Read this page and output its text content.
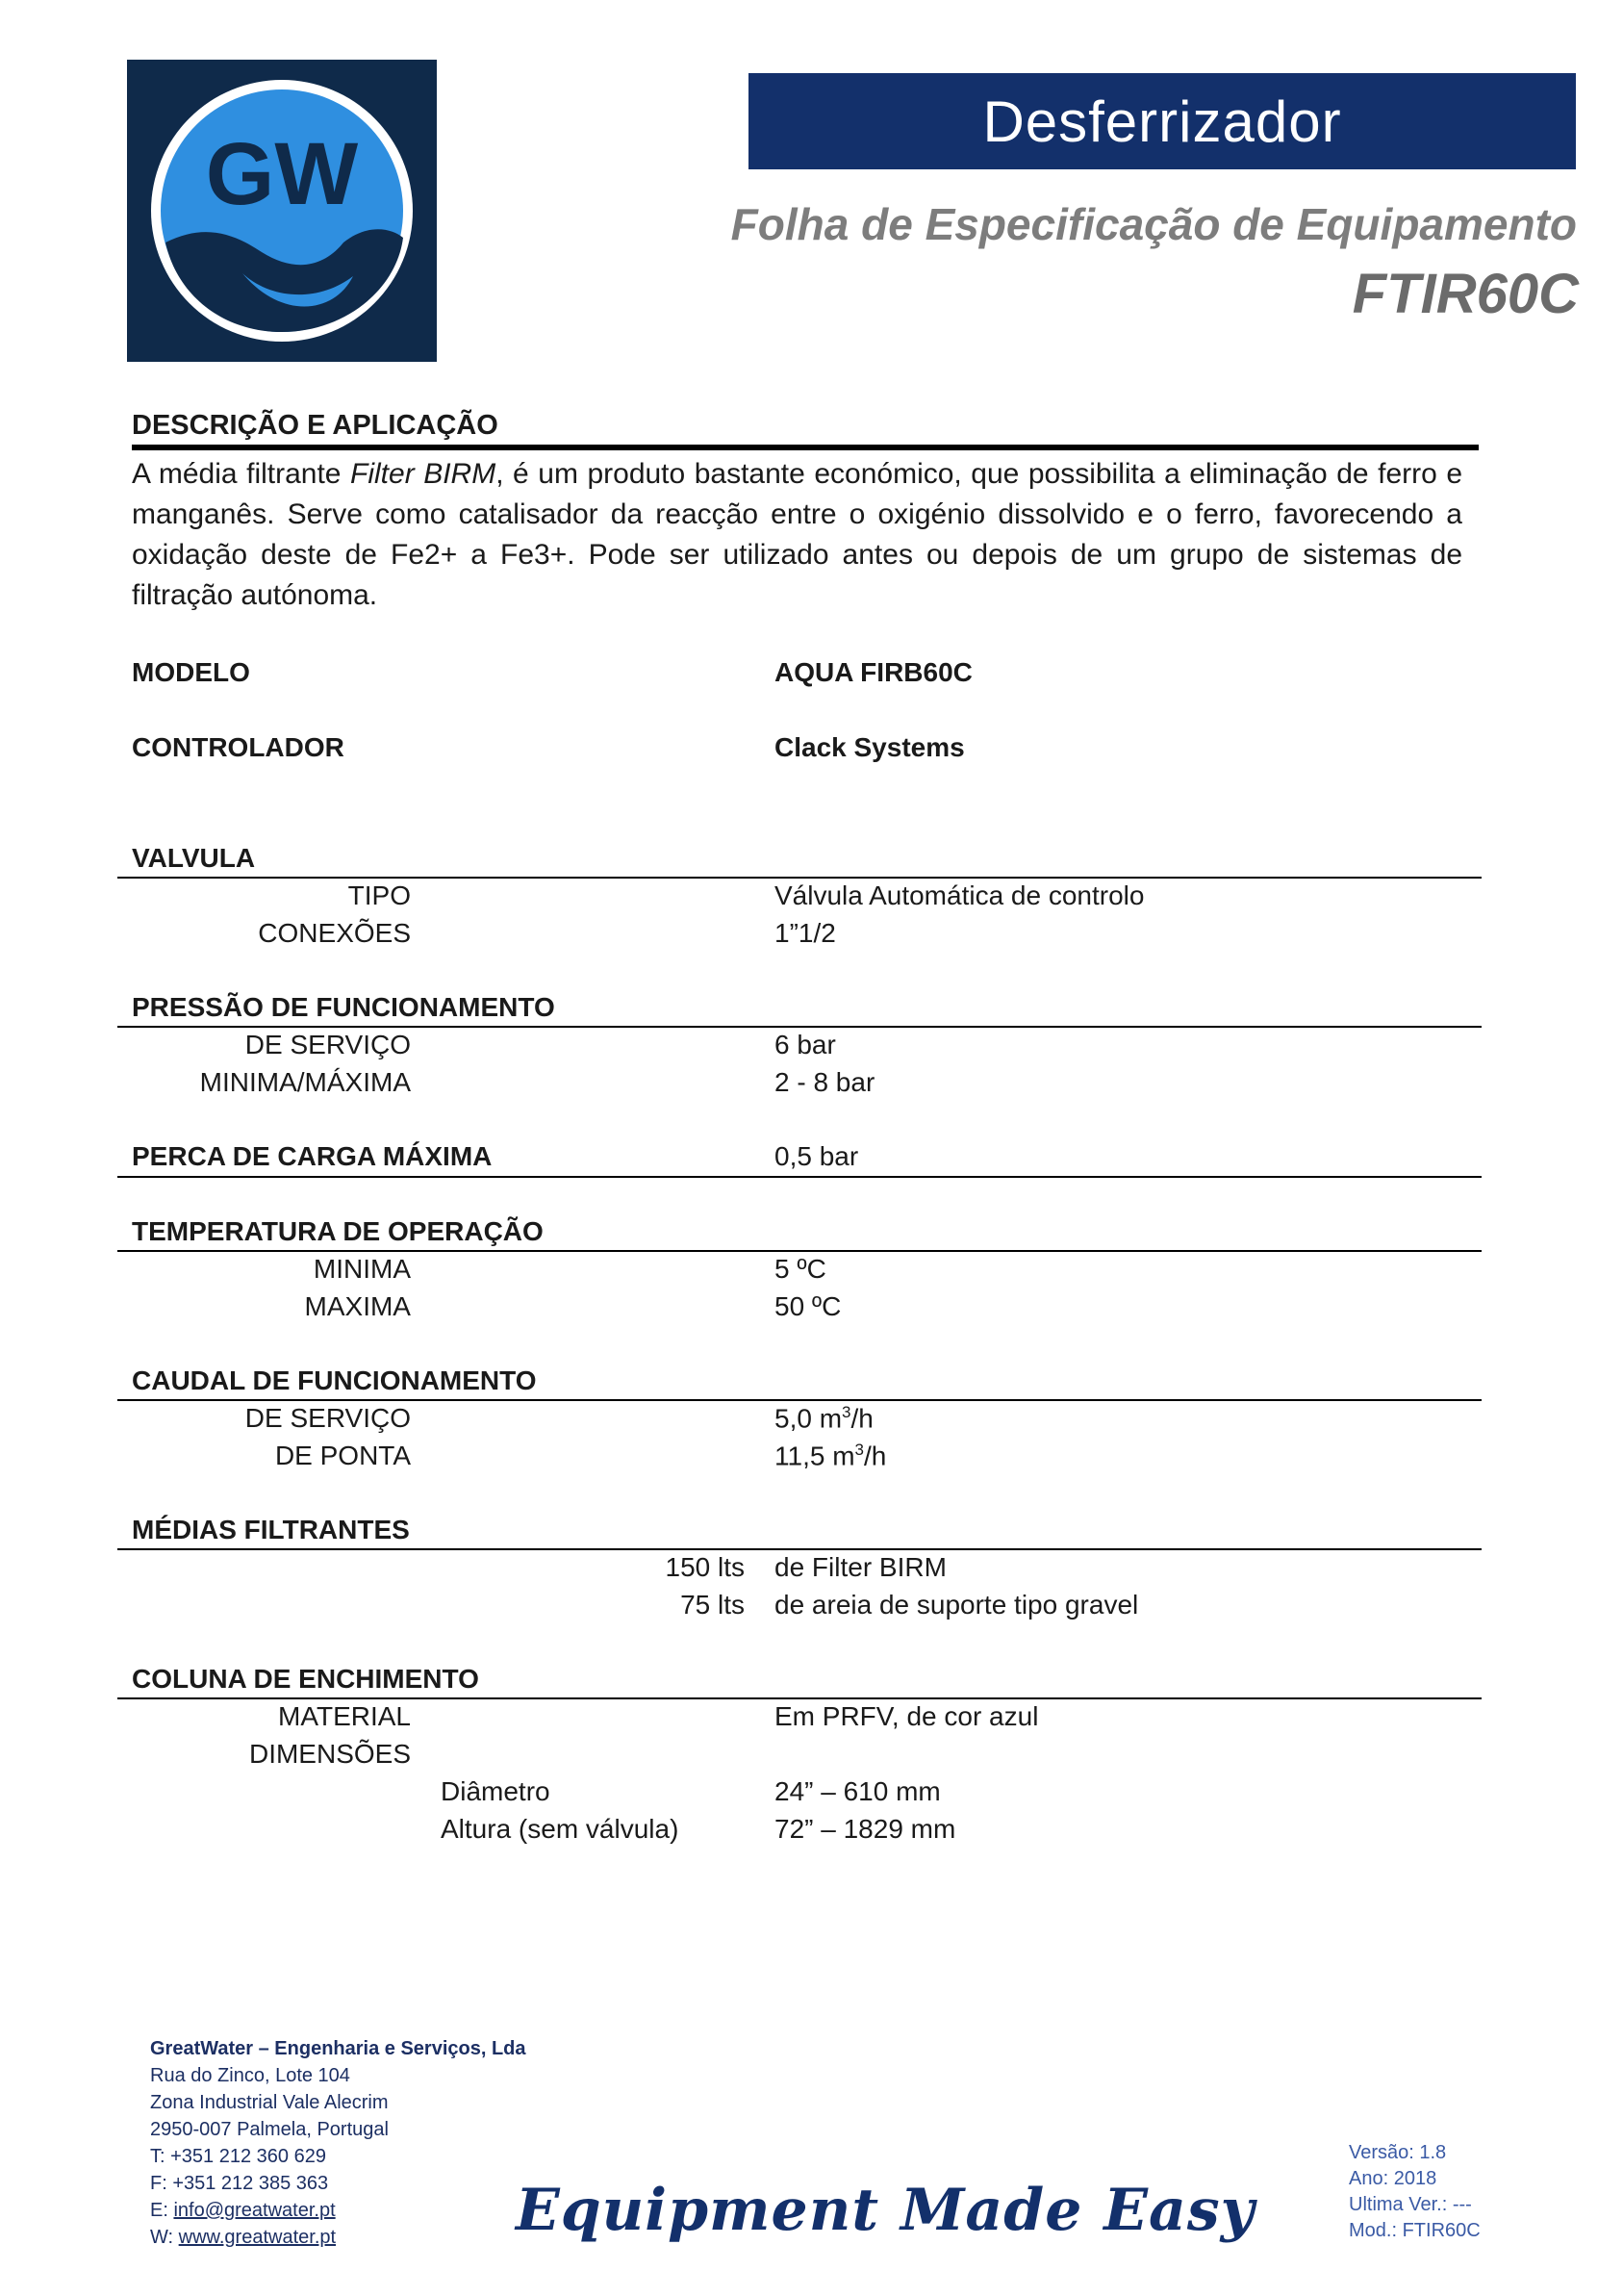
GW
Desferrizador
Folha de Especificação de Equipamento
FTIR60C
DESCRIÇÃO E APLICAÇÃO
A média filtrante Filter BIRM, é um produto bastante económico, que possibilita a eliminação de ferro e manganês. Serve como catalisador da reacção entre o oxigénio dissolvido e o ferro, favorecendo a oxidação deste de Fe2+ a Fe3+. Pode ser utilizado antes ou depois de um grupo de sistemas de filtração autónoma.
MODELO	AQUA FIRB60C
CONTROLADOR	Clack Systems
VALVULA
TIPO	Válvula Automática de controlo
CONEXÕES	1”1/2
PRESSÃO DE FUNCIONAMENTO
DE SERVIÇO	6 bar
MINIMA/MÁXIMA	2 - 8 bar
PERCA DE CARGA MÁXIMA	0,5 bar
TEMPERATURA DE OPERAÇÃO
MINIMA	5 ºC
MAXIMA	50 ºC
CAUDAL DE FUNCIONAMENTO
DE SERVIÇO	5,0 $m^3/h$
DE PONTA	11,5 $m^3/h$
MÉDIAS FILTRANTES
150 lts de Filter BIRM
75 lts de areia de suporte tipo gravel
COLUNA DE ENCHIMENTO
MATERIAL	Em PRFV, de cor azul
DIMENSÕES
Diâmetro	24” – 610 mm
Altura (sem válvula)	72” – 1829 mm
GreatWater – Engenharia e Serviços, Lda
Rua do Zinco, Lote 104
Zona Industrial Vale Alecrim
2950-007 Palmela, Portugal
T: +351 212 360 629
F: +351 212 385 363
E: info@greatwater.pt
W: www.greatwater.pt	Equipment Made Easy
Versão: 1.8
Ano: 2018
Ultima Ver.: ---
Mod.: FTIR60C
